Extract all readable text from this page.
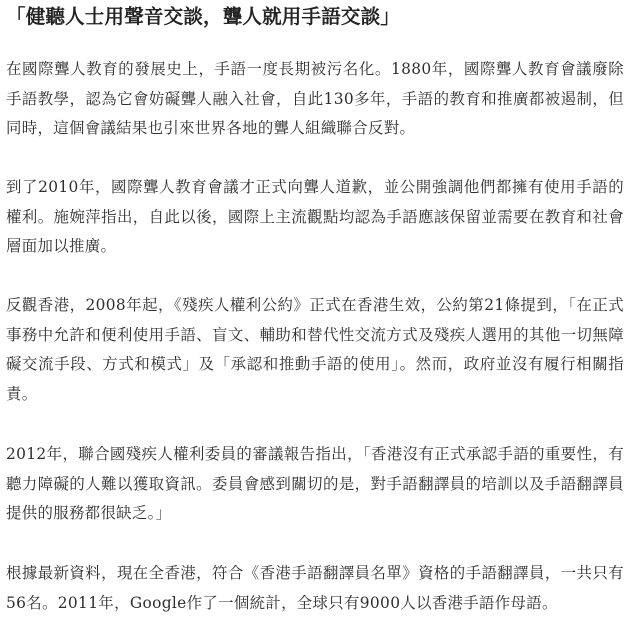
「健聽人士用聲音交談，聾人就用手語交談」

在國際聾人教育的發展史上，手語一度長期被污名化。1880年，國際聾人教育會議廢除手語教學，認為它會妨礙聾人融入社會，自此130多年，手語的教育和推廣都被遏制，但同時，這個會議結果也引來世界各地的聾人組織聯合反對。

到了2010年，國際聾人教育會議才正式向聾人道歉，並公開強調他們都擁有使用手語的權利。施婉萍指出，自此以後，國際上主流觀點均認為手語應該保留並需要在教育和社會層面加以推廣。

反觀香港，2008年起，《殘疾人權利公約》正式在香港生效，公約第21條提到，「在正式事務中允許和便利使用手語、盲文、輔助和替代性交流方式及殘疾人選用的其他一切無障礙交流手段、方式和模式」及「承認和推動手語的使用」。然而，政府並沒有履行相關指責。

2012年，聯合國殘疾人權利委員的審議報告指出，「香港沒有正式承認手語的重要性，有聽力障礙的人難以獲取資訊。委員會感到關切的是，對手語翻譯員的培訓以及手語翻譯員提供的服務都很缺乏。」

根據最新資料，現在全香港，符合《香港手語翻譯員名單》資格的手語翻譯員，一共只有56名。2011年，Google作了一個統計，全球只有9000人以香港手語作母語。
